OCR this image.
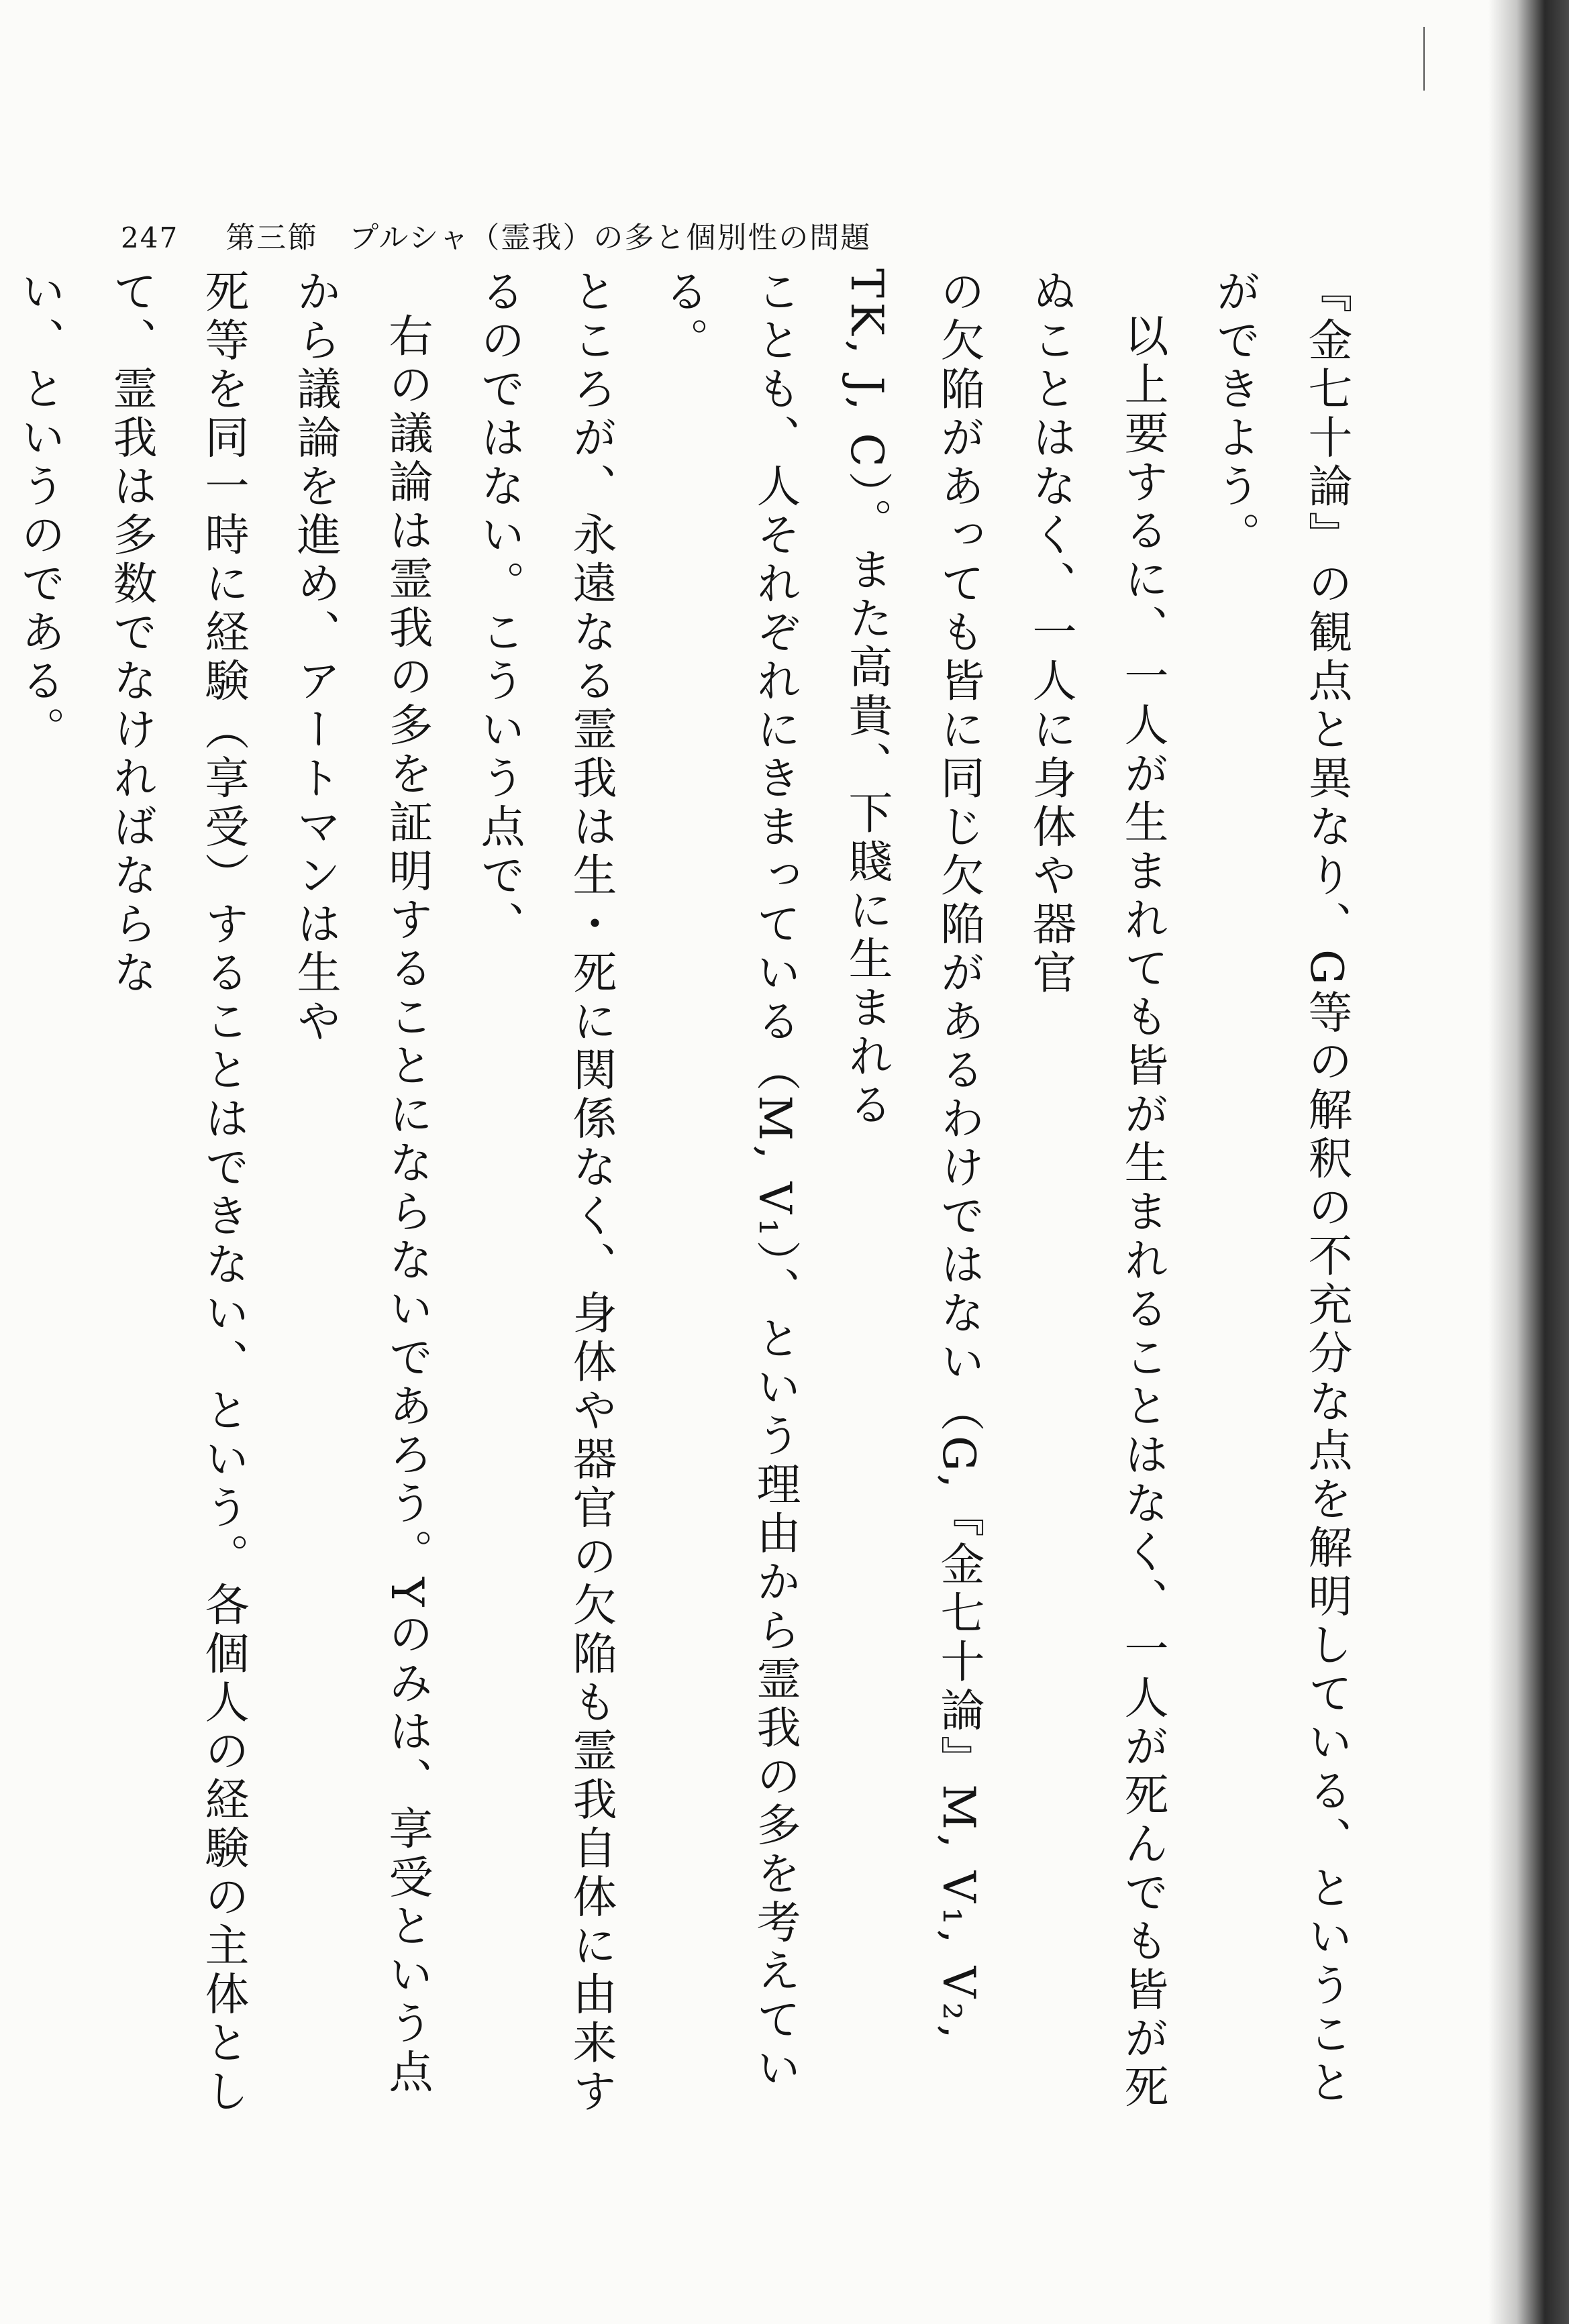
247 第三節　プルシャ（霊我）の多と個別性の問題

『金七十論』の観点と異なり、G等の解釈の不充分な点を解明している、ということができよう。

以上要するに、一人が生まれても皆が生まれることはなく、一人が死んでも皆が死ぬことはなく、一人に身体や器官

の欠陥があっても皆に同じ欠陥があるわけではない（G,『金七十論』M, V₁, V₂, TK, J, C）。また高貴、下賤に生まれる

ことも、人それぞれにきまっている（M, V₁）、という理由から霊我の多を考えている。

ところが、永遠なる霊我は生・死に関係なく、身体や器官の欠陥も霊我自体に由来するのではない。こういう点で、

右の議論は霊我の多を証明することにならないであろう。Yのみは、享受という点から議論を進め、アートマンは生や

死等を同一時に経験（享受）することはできない、という。各個人の経験の主体として、霊我は多数でなければならな

い、というのである。
